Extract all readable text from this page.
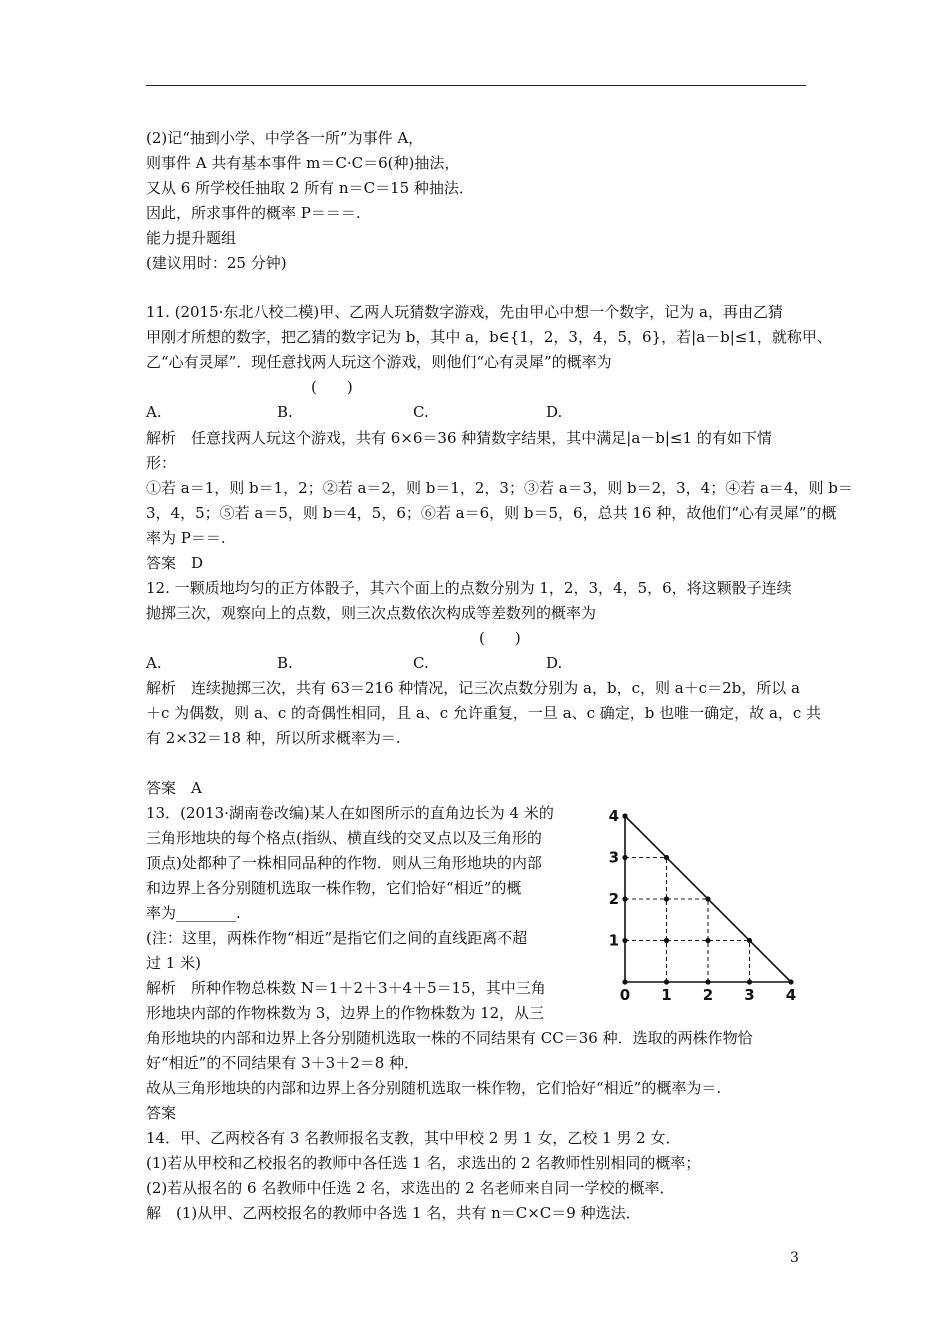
(2)记“抽到小学、中学各一所”为事件 A，
则事件 A 共有基本事件 m＝C·C＝6(种)抽法，
又从 6 所学校任抽取 2 所有 n＝C＝15 种抽法．
因此，所求事件的概率 P＝＝＝.
能力提升题组
(建议用时：25 分钟)
11. (2015·东北八校二模)甲、乙两人玩猜数字游戏，先由甲心中想一个数字，记为 a，再由乙猜
甲刚才所想的数字，把乙猜的数字记为 b，其中 a，b∈{1，2，3，4，5，6}，若|a－b|≤1，就称甲、
乙“心有灵犀”．现任意找两人玩这个游戏，则他们“心有灵犀”的概率为
(　　)
A.	B.	C.	D.
解析　任意找两人玩这个游戏，共有 6×6＝36 种猜数字结果，其中满足|a－b|≤1 的有如下情
形：
①若 a＝1，则 b＝1，2；②若 a＝2，则 b＝1，2，3；③若 a＝3，则 b＝2，3，4；④若 a＝4，则 b＝
3，4，5；⑤若 a＝5，则 b＝4，5，6；⑥若 a＝6，则 b＝5，6，总共 16 种，故他们“心有灵犀”的概
率为 P＝＝.
答案　D
12. 一颗质地均匀的正方体骰子，其六个面上的点数分别为 1，2，3，4，5，6，将这颗骰子连续
抛掷三次，观察向上的点数，则三次点数依次构成等差数列的概率为
(　　)
A.	B.	C.	D.
解析　连续抛掷三次，共有 63＝216 种情况，记三次点数分别为 a，b，c，则 a＋c＝2b，所以 a
＋c 为偶数，则 a、c 的奇偶性相同，且 a、c 允许重复，一旦 a、c 确定，b 也唯一确定，故 a，c 共
有 2×32＝18 种，所以所求概率为＝.
答案　A
13．(2013·湖南卷改编)某人在如图所示的直角边长为 4 米的
三角形地块的每个格点(指纵、横直线的交叉点以及三角形的
顶点)处都种了一株相同品种的作物．则从三角形地块的内部
和边界上各分别随机选取一株作物，它们恰好“相近”的概
率为________.
(注：这里，两株作物“相近”是指它们之间的直线距离不超
过 1 米)
解析　所种作物总株数 N＝1＋2＋3＋4＋5＝15，其中三角
形地块内部的作物株数为 3，边界上的作物株数为 12，从三
角形地块的内部和边界上各分别随机选取一株的不同结果有 CC＝36 种．选取的两株作物恰
好“相近”的不同结果有 3＋3＋2＝8 种．
故从三角形地块的内部和边界上各分别随机选取一株作物，它们恰好“相近”的概率为＝.
答案
14．甲、乙两校各有 3 名教师报名支教，其中甲校 2 男 1 女，乙校 1 男 2 女．
(1)若从甲校和乙校报名的教师中各任选 1 名，求选出的 2 名教师性别相同的概率；
(2)若从报名的 6 名教师中任选 2 名，求选出的 2 名老师来自同一学校的概率．
解　(1)从甲、乙两校报名的教师中各选 1 名，共有 n＝C×C＝9 种选法．
0 1 2 3 4
1
2
3
4
3
